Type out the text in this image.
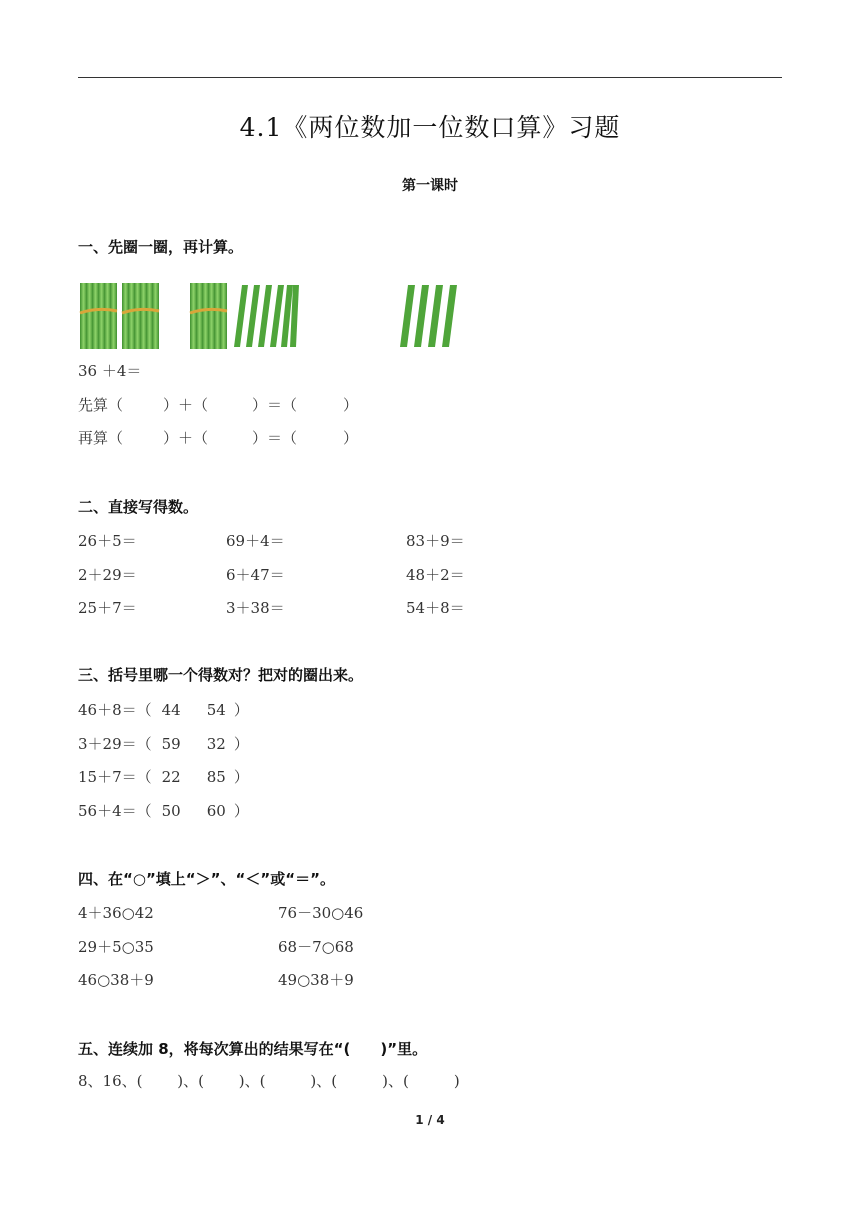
4.1《两位数加一位数口算》习题
第一课时
一、先圈一圈，再计算。
36 ＋4＝
先算（	）＋（	）＝（	）
再算（	）＋（	）＝（	）
二、直接写得数。
26＋5＝	69＋4＝	83＋9＝
2＋29＝	6＋47＝	48＋2＝
25＋7＝	3＋38＝	54＋8＝
三、括号里哪一个得数对？把对的圈出来。
46＋8＝（ 44 54 ）
3＋29＝（ 59 32 ）
15＋7＝（ 22 85 ）
56＋4＝（ 50 60 ）
四、在“○”填上“＞”、“＜”或“＝”。
4＋36○42	76－30○46
29＋5○35	68－7○68
46○38＋9	49○38＋9
五、连续加 8，将每次算出的结果写在“(　　)”里。
8、16、(　　 )、(　　 )、(　　　)、(　　　)、(　　　)
1 / 4
